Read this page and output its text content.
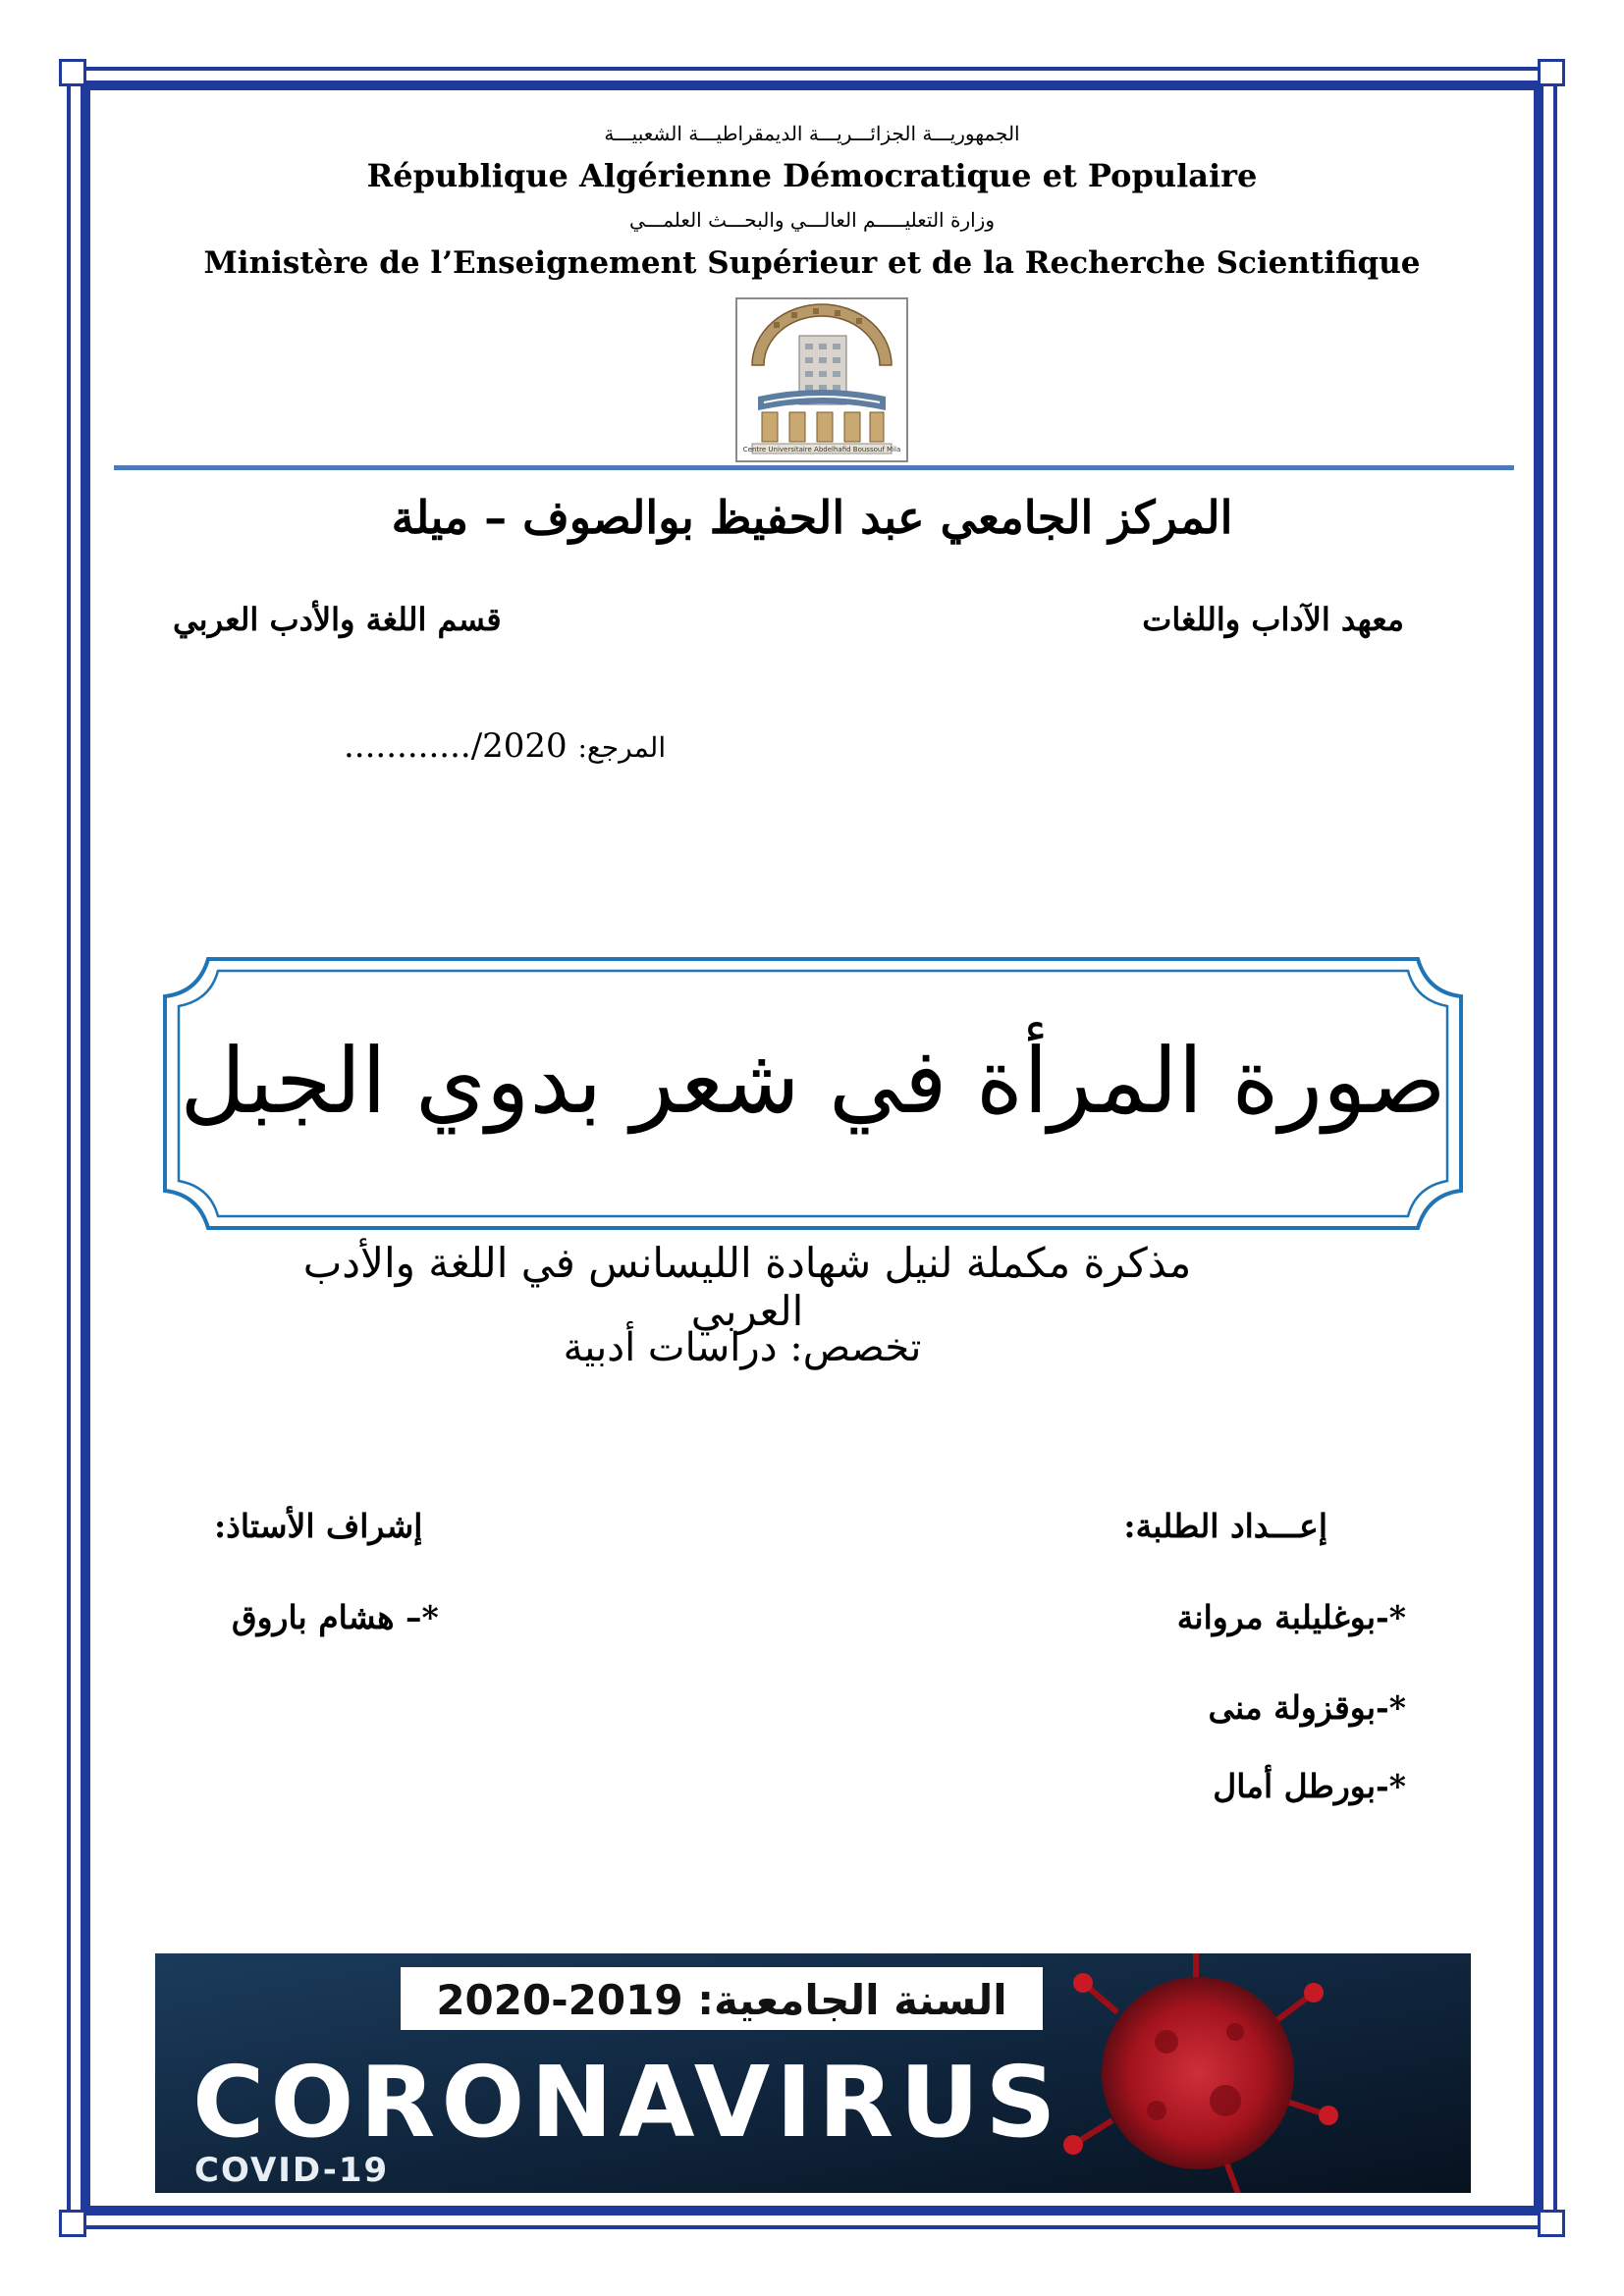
الجمهوريـــة الجزائـــريـــة الديمقراطيـــة الشعبيـــة
République Algérienne Démocratique et Populaire
وزارة التعليـــــم العالـــي والبحـــث العلمـــي
Ministère de l’Enseignement Supérieur et de la Recherche Scientifique
Centre Universitaire Abdelhafid Boussouf Mila
المركز الجامعي عبد الحفيظ بوالصوف – ميلة
معهد الآداب واللغات
قسم اللغة والأدب العربي
............/2020 المرجع:
صورة المرأة في شعر بدوي الجبل
مذكرة مكملة لنيل شهادة الليسانس في اللغة والأدب العربي
تخصص: دراسات أدبية
إعـــداد الطلبة:
إشراف الأستاذ:
*-بوغليلبة مروانة
*-بوقزولة منى
*-بورطل أمال
*– هشام باروق
السنة الجامعية: 2019-2020
CORONAVIRUS
COVID-19
